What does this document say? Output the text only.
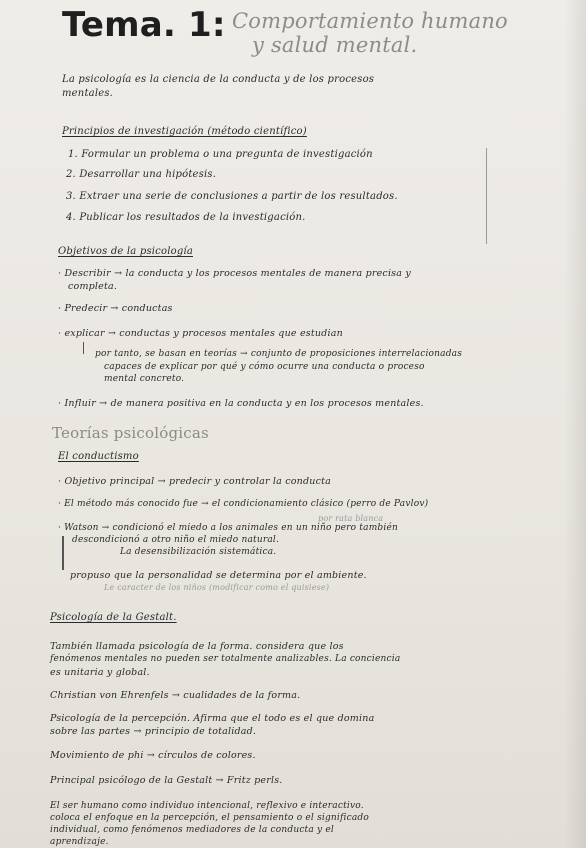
Tema. 1: Comportamiento humano
y salud mental.
La psicología es la ciencia de la conducta y de los procesos
mentales.
Principios de investigación (método científico)
1. Formular un problema o una pregunta de investigación
2. Desarrollar una hipótesis.
3. Extraer una serie de conclusiones a partir de los resultados.
4. Publicar los resultados de la investigación.
Objetivos de la psicología
· Describir → la conducta y los procesos mentales de manera precisa y
completa.
· Predecir → conductas
· explicar → conductas y procesos mentales que estudian
por tanto, se basan en teorías → conjunto de proposiciones interrelacionadas
capaces de explicar por qué y cómo ocurre una conducta o proceso
mental concreto.
· Influir → de manera positiva en la conducta y en los procesos mentales.
Teorías psicológicas
El conductismo
· Objetivo principal → predecir y controlar la conducta
· El método más conocido fue → el condicionamiento clásico (perro de Pavlov)
por rata blanca
· Watson → condicionó el miedo a los animales en un niño pero también
descondicionó a otro niño el miedo natural.
La desensibilización sistemática.
propuso que la personalidad se determina por el ambiente.
Le caracter de los niños (modificar como el quisiese)
Psicología de la Gestalt.
También llamada psicología de la forma. considera que los
fenómenos mentales no pueden ser totalmente analizables. La conciencia
es unitaria y global.
Christian von Ehrenfels → cualidades de la forma.
Psicología de la percepción. Afirma que el todo es el que domina
sobre las partes → principio de totalidad.
Movimiento de phi → círculos de colores.
Principal psicólogo de la Gestalt → Fritz perls.
El ser humano como individuo intencional, reflexivo e interactivo.
coloca el enfoque en la percepción, el pensamiento o el significado
individual, como fenómenos mediadores de la conducta y el
aprendizaje.
